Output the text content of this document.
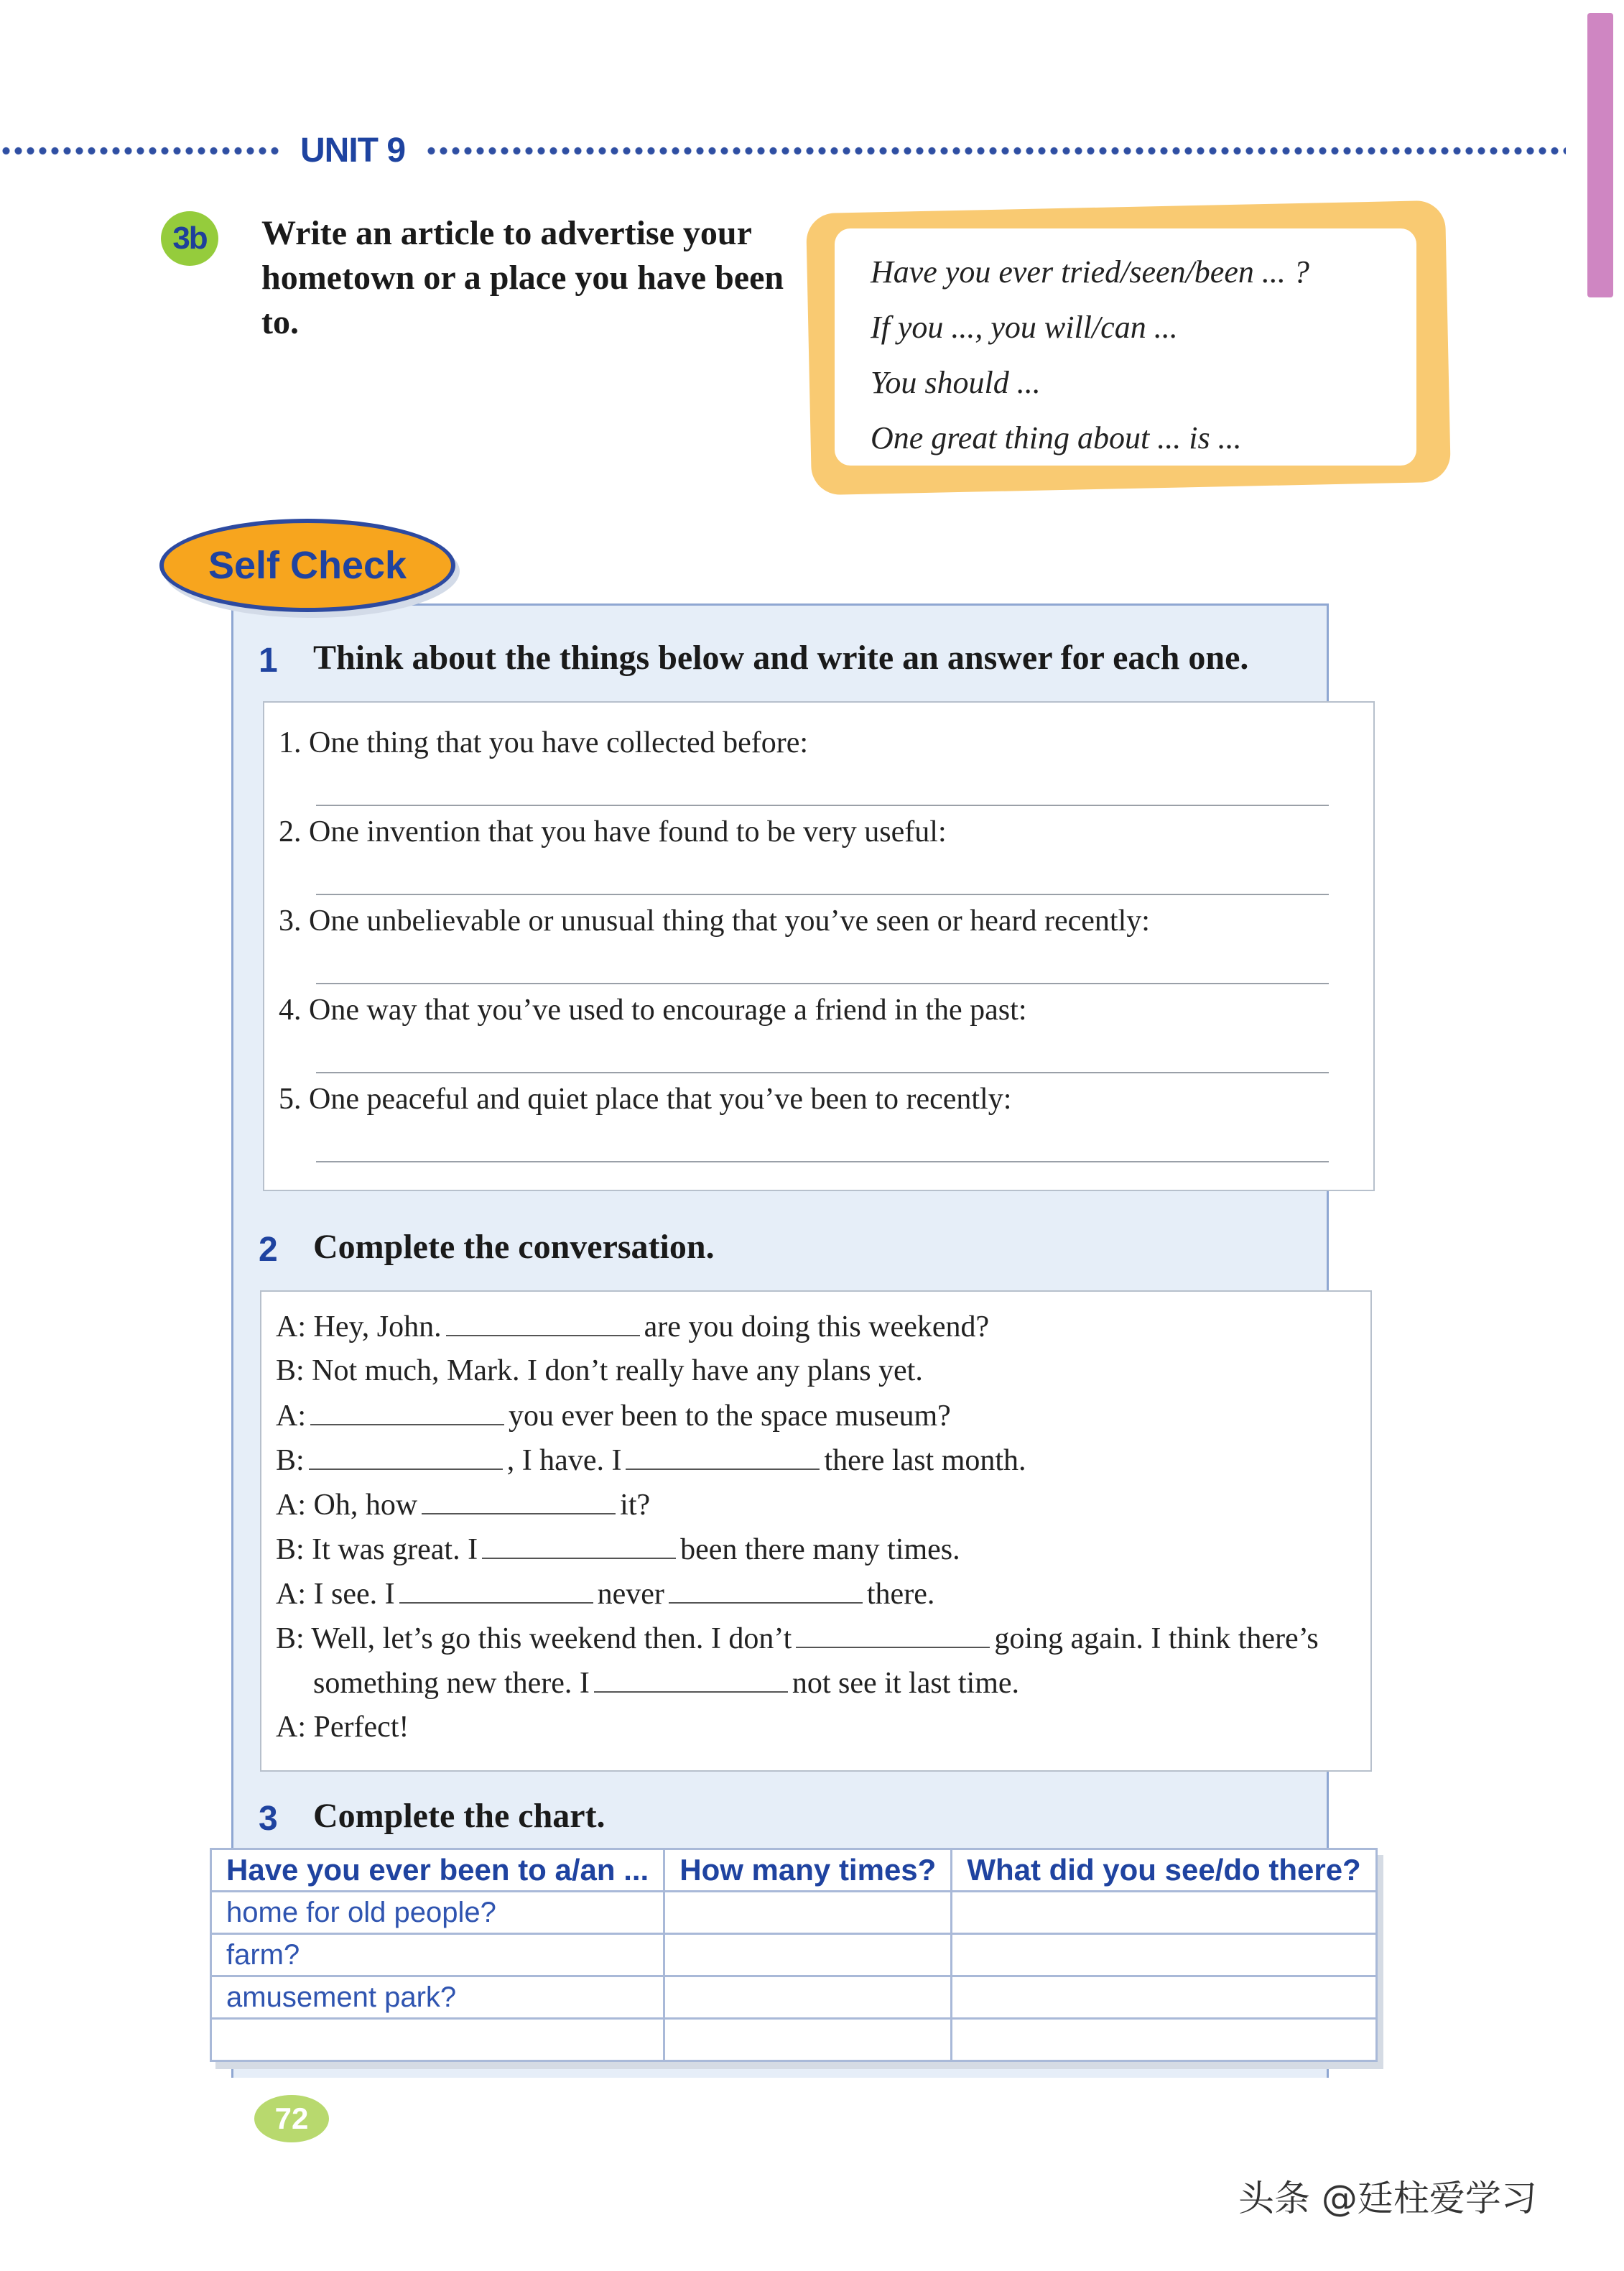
UNIT 9
3b	Write an article to advertise your hometown or a place you have been to.
Have you ever tried/seen/been ... ?
If you ..., you will/can ...
You should ...
One great thing about ... is ...
Self Check
1 Think about the things below and write an answer for each one.
1. One thing that you have collected before:
2. One invention that you have found to be very useful:
3. One unbelievable or unusual thing that you’ve seen or heard recently:
4. One way that you’ve used to encourage a friend in the past:
5. One peaceful and quiet place that you’ve been to recently:
2 Complete the conversation.
A: Hey, John.	are you doing this weekend?
B: Not much, Mark. I don’t really have any plans yet.
A:	you ever been to the space museum?
B:	, I have. I	there last month.
A: Oh, how	it?
B: It was great. I	been there many times.
A: I see. I	never	there.
B: Well, let’s go this weekend then. I don’t	going again. I think there’s
something new there. I	not see it last time.
A: Perfect!
3 Complete the chart.
Have you ever been to a/an ...	How many times?	What did you see/do there?
home for old people?		
farm?		
amusement park?		

72
头条 @廷柱爱学习
